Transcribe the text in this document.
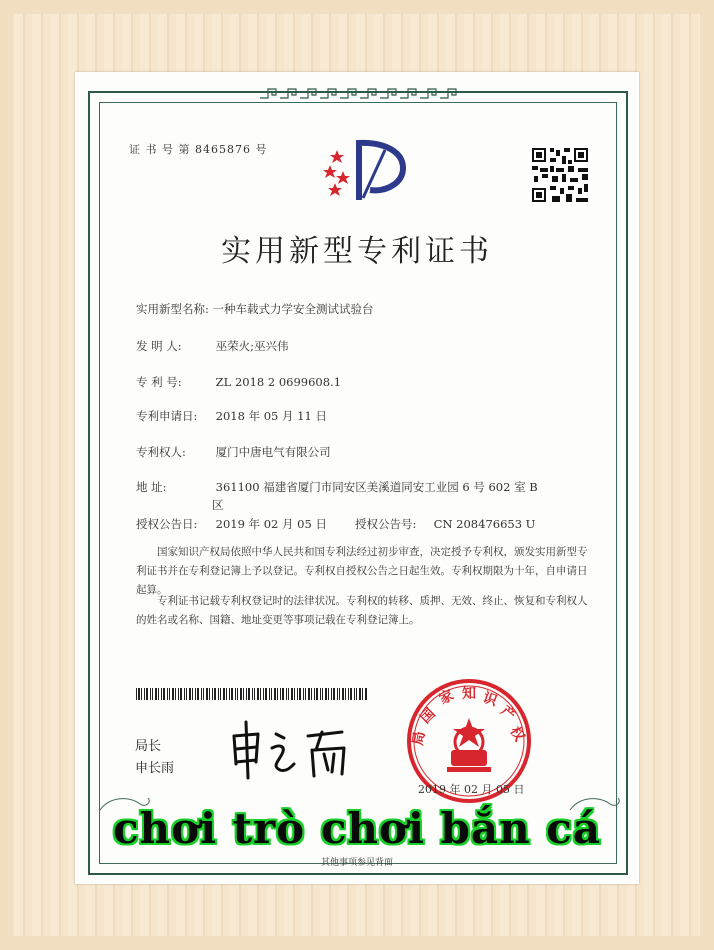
证 书 号 第 8465876 号
实用新型专利证书
实用新型名称: 一种车载式力学安全测试试验台
发 明 人:	巫荣火;巫兴伟
专 利 号:	ZL 2018 2 0699608.1
专利申请日: 2018 年 05 月 11 日
专利权人:	厦门中唐电气有限公司
地 址:	361100 福建省厦门市同安区美溪道同安工业园 6 号 602 室 B
区
授权公告日: 2019 年 02 月 05 日 授权公告号: CN 208476653 U
国家知识产权局依照中华人民共和国专利法经过初步审查，决定授予专利权，颁发实用新型专利证书并在专利登记簿上予以登记。专利权自授权公告之日起生效。专利权期限为十年，自申请日起算。
专利证书记载专利权登记时的法律状况。专利权的转移、质押、无效、终止、恢复和专利权人的姓名或名称、国籍、地址变更等事项记载在专利登记簿上。
局长
申长雨
国
家 知 识
产
权
局
2019 年 02 月 05 日
chơi trò chơi bắn cá
其他事项参见背面
